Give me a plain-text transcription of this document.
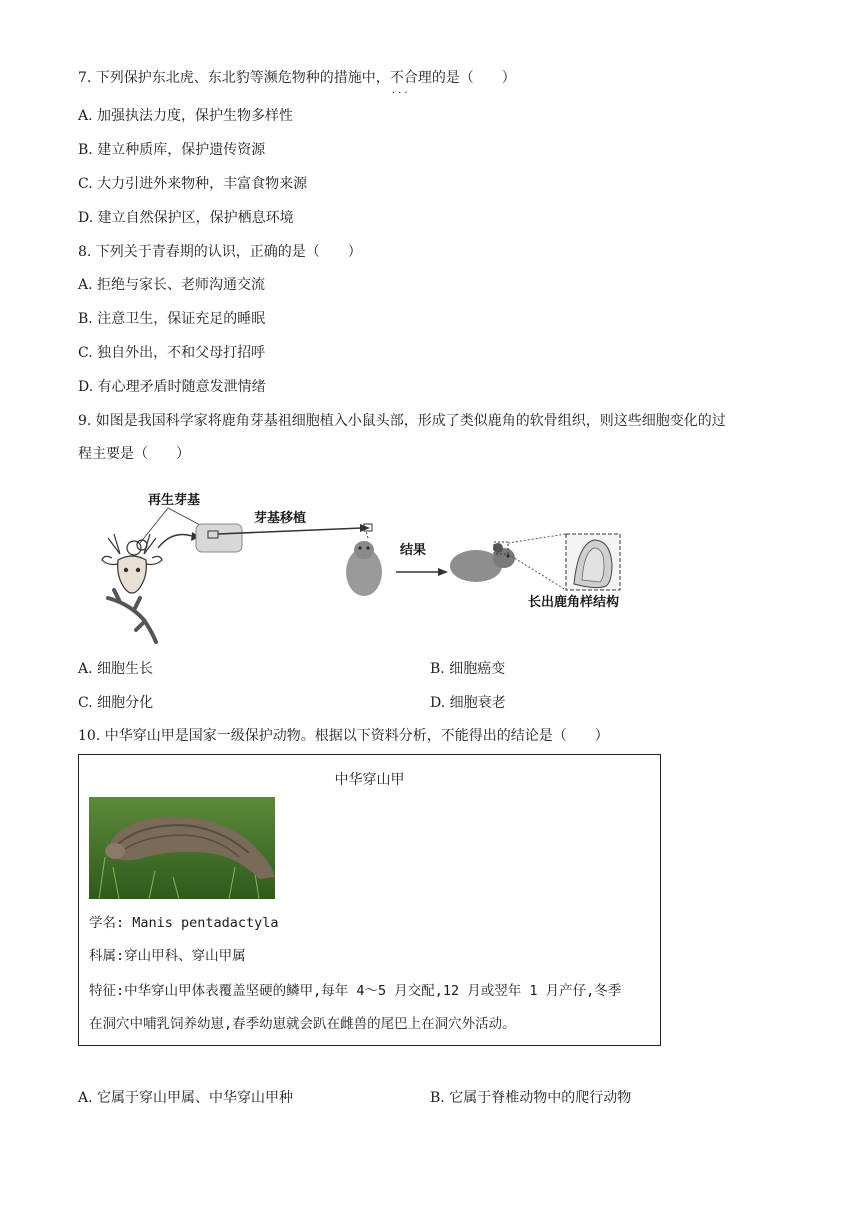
7. 下列保护东北虎、东北豹等濒危物种的措施中，不合理 · · ·的是（　　）
A. 加强执法力度，保护生物多样性
B. 建立种质库，保护遗传资源
C. 大力引进外来物种，丰富食物来源
D. 建立自然保护区，保护栖息环境
8. 下列关于青春期的认识，正确的是（　　）
A. 拒绝与家长、老师沟通交流
B. 注意卫生，保证充足的睡眠
C. 独自外出，不和父母打招呼
D. 有心理矛盾时随意发泄情绪
9. 如图是我国科学家将鹿角芽基祖细胞植入小鼠头部，形成了类似鹿角的软骨组织，则这些细胞变化的过
程主要是（　　）
再生芽基
芽基移植
结果
长出鹿角样结构
A. 细胞生长	B. 细胞癌变
C. 细胞分化	D. 细胞衰老
10. 中华穿山甲是国家一级保护动物。根据以下资料分析，不能得出的结论是（　　）
中华穿山甲
学名: Manis pentadactyla
科属:穿山甲科、穿山甲属
特征:中华穿山甲体表覆盖坚硬的鳞甲,每年 4～5 月交配,12 月或翌年 1 月产仔,冬季
在洞穴中哺乳饲养幼崽,春季幼崽就会趴在雌兽的尾巴上在洞穴外活动。
A. 它属于穿山甲属、中华穿山甲种	B. 它属于脊椎动物中的爬行动物
